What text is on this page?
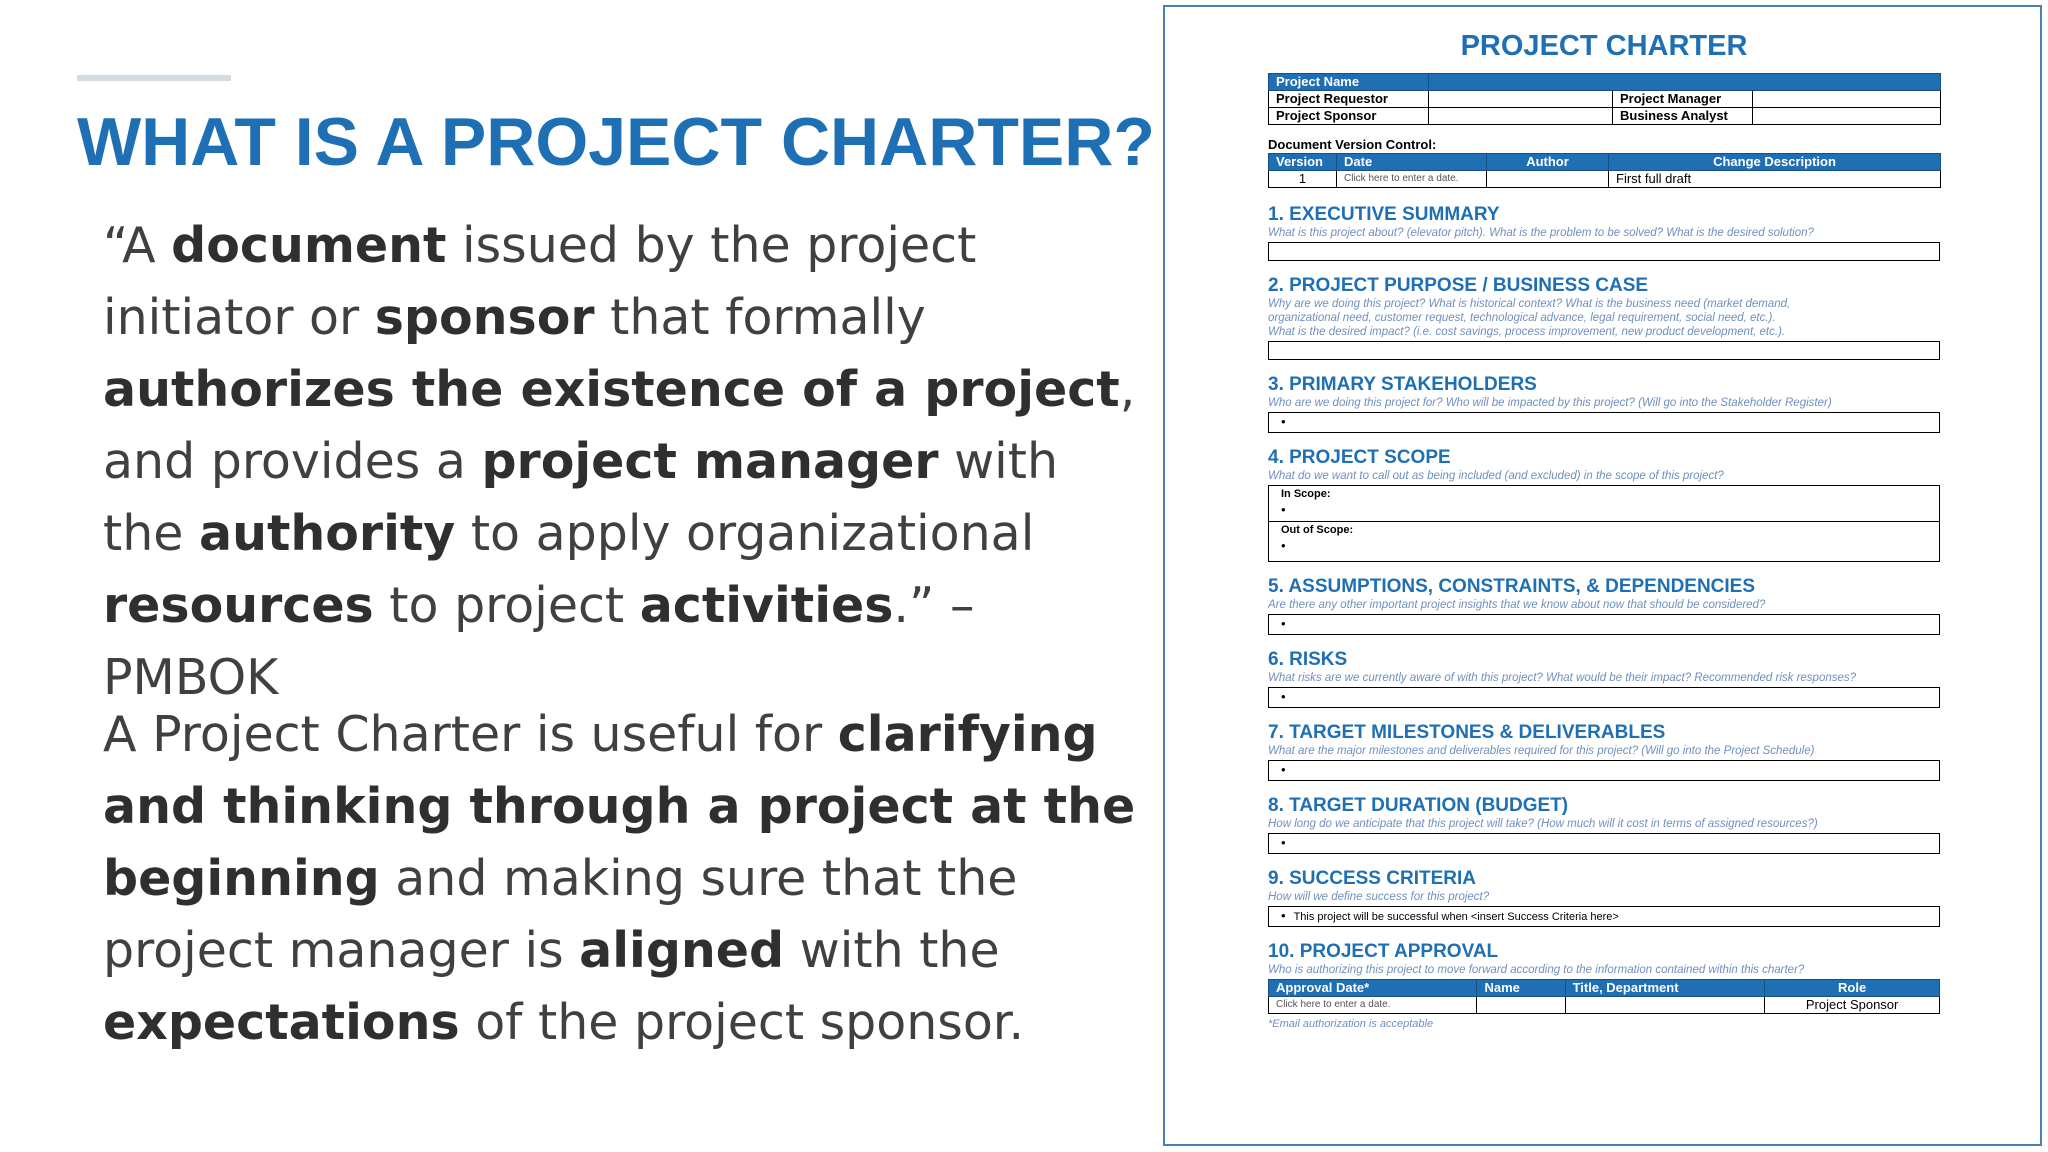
WHAT IS A PROJECT CHARTER?

“A document issued by the project initiator or sponsor that formally authorizes the existence of a project, and provides a project manager with the authority to apply organizational resources to project activities.” –PMBOK

A Project Charter is useful for clarifying and thinking through a project at the beginning and making sure that the project manager is aligned with the expectations of the project sponsor.

PROJECT CHARTER
Project Name			
Project Requestor		Project Manager	
Project Sponsor		Business Analyst	
Document Version Control:
Version	Date	Author	Change Description
1	Click here to enter a date.		First full draft
1. EXECUTIVE SUMMARY
What is this project about? (elevator pitch). What is the problem to be solved? What is the desired solution?
2. PROJECT PURPOSE / BUSINESS CASE
Why are we doing this project? What is historical context? What is the business need (market demand,
organizational need, customer request, technological advance, legal requirement, social need, etc.).
What is the desired impact? (i.e. cost savings, process improvement, new product development, etc.).
3. PRIMARY STAKEHOLDERS
Who are we doing this project for? Who will be impacted by this project? (Will go into the Stakeholder Register)
•
4. PROJECT SCOPE
What do we want to call out as being included (and excluded) in the scope of this project?
In Scope:
•
Out of Scope:
•
5. ASSUMPTIONS, CONSTRAINTS, & DEPENDENCIES
Are there any other important project insights that we know about now that should be considered?
•
6. RISKS
What risks are we currently aware of with this project? What would be their impact? Recommended risk responses?
•
7. TARGET MILESTONES & DELIVERABLES
What are the major milestones and deliverables required for this project? (Will go into the Project Schedule)
•
8. TARGET DURATION (BUDGET)
How long do we anticipate that this project will take? (How much will it cost in terms of assigned resources?)
•
9. SUCCESS CRITERIA
How will we define success for this project?
• This project will be successful when <insert Success Criteria here>
10. PROJECT APPROVAL
Who is authorizing this project to move forward according to the information contained within this charter?
Approval Date*	Name	Title, Department	Role
Click here to enter a date.			Project Sponsor
*Email authorization is acceptable
